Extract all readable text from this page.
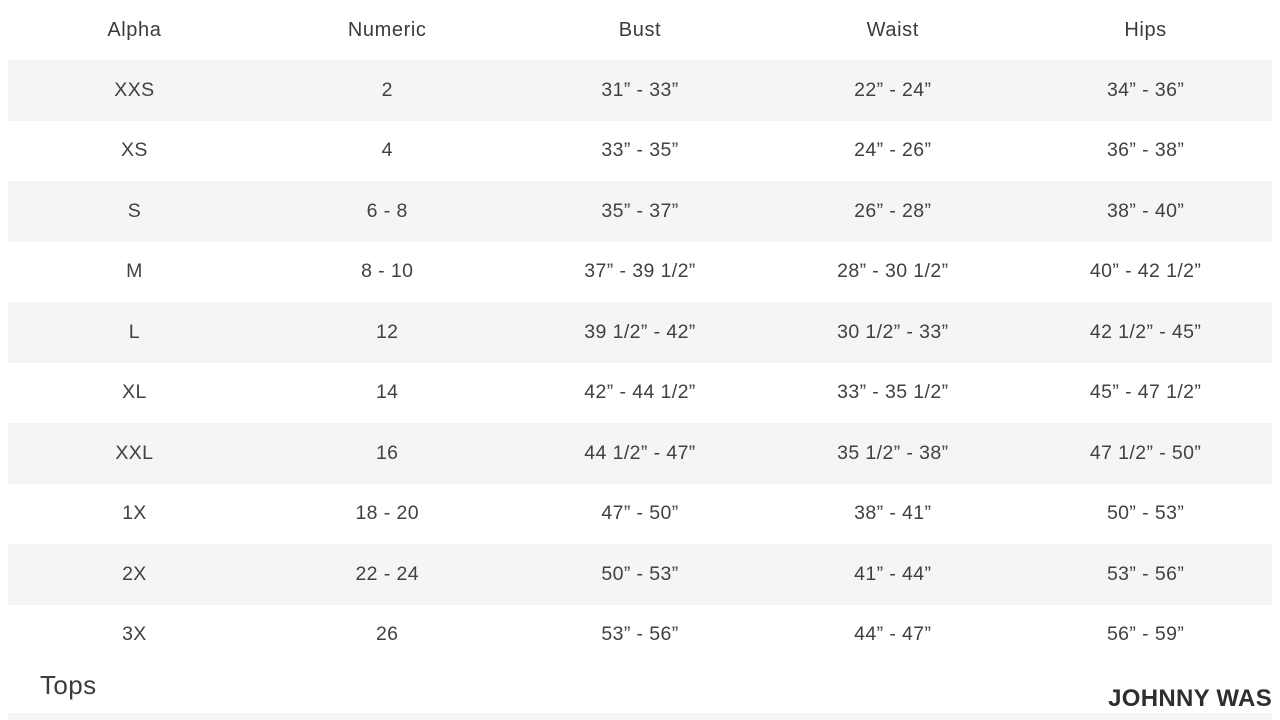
Alpha	Numeric	Bust	Waist	Hips
XXS	2	31” - 33”	22” - 24”	34” - 36”
XS	4	33” - 35”	24” - 26”	36” - 38”
S	6 - 8	35” - 37”	26” - 28”	38” - 40”
M	8 - 10	37” - 39 1/2”	28” - 30 1/2”	40” - 42 1/2”
L	12	39 1/2” - 42”	30 1/2” - 33”	42 1/2” - 45”
XL	14	42” - 44 1/2”	33” - 35 1/2”	45” - 47 1/2”
XXL	16	44 1/2” - 47”	35 1/2” - 38”	47 1/2” - 50”
1X	18 - 20	47” - 50”	38” - 41”	50” - 53”
2X	22 - 24	50” - 53”	41” - 44”	53” - 56”
3X	26	53” - 56”	44” - 47”	56” - 59”
Tops	JOHNNY WAS
